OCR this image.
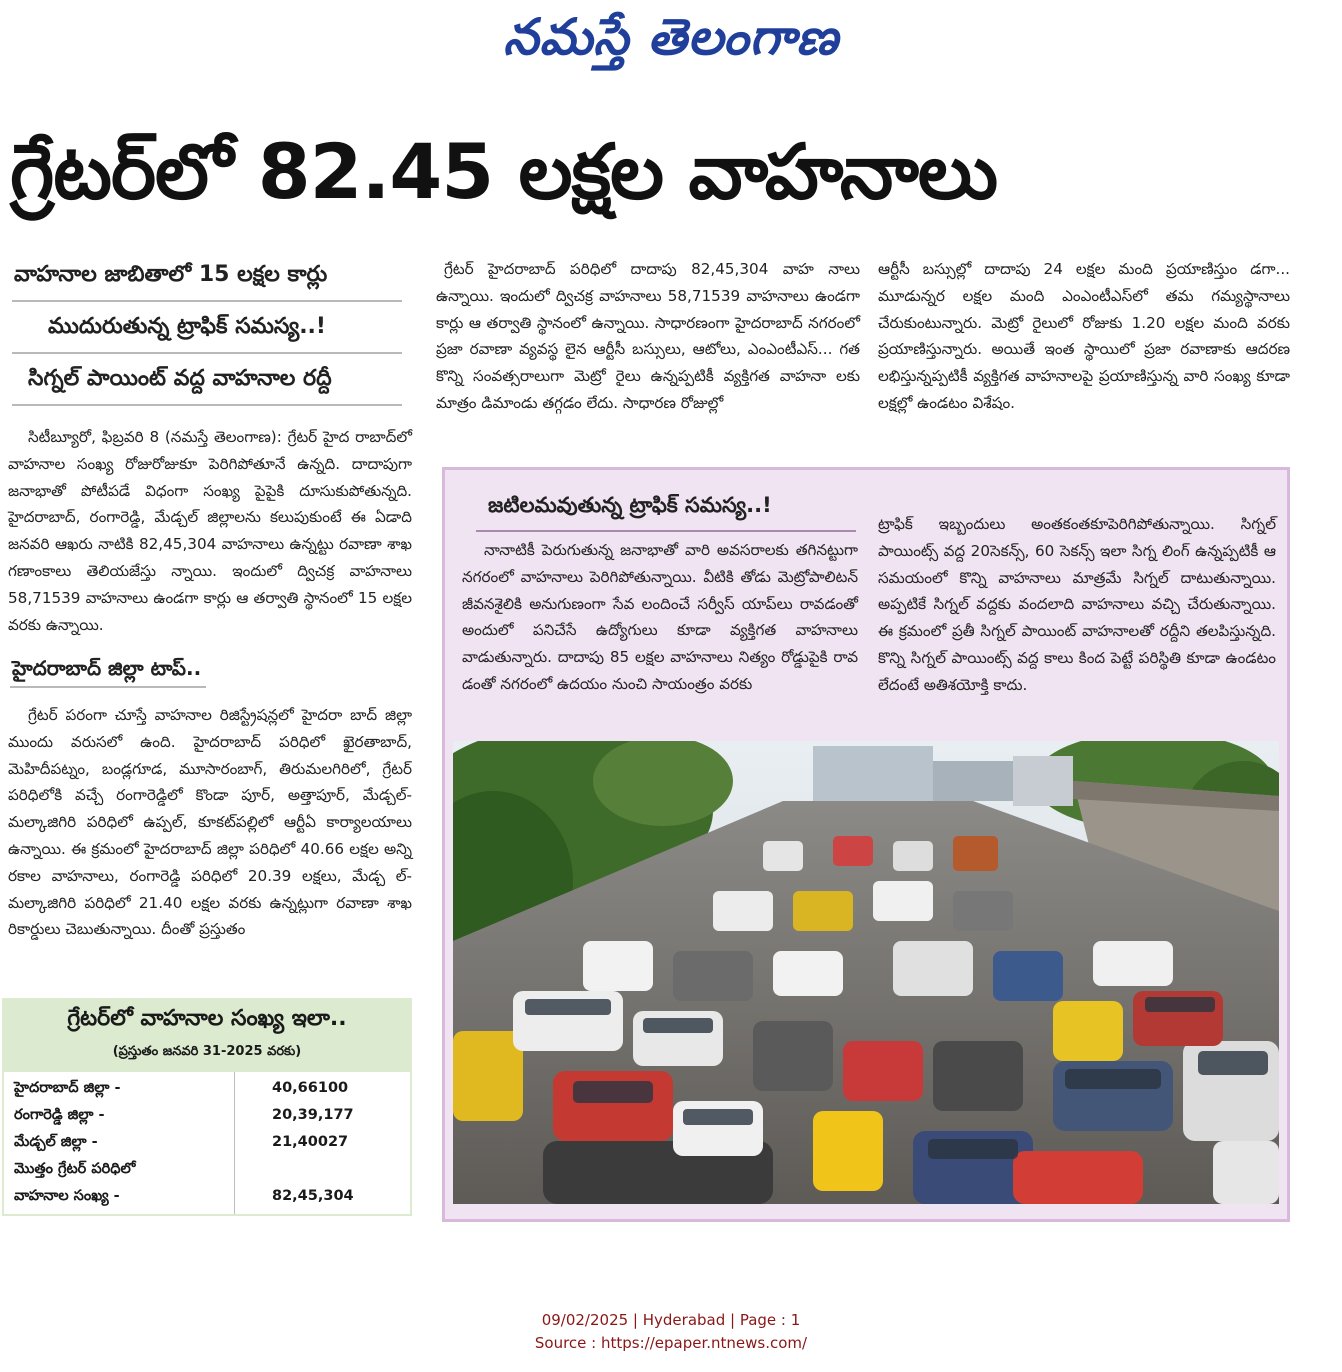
నమస్తే తెలంగాణ
గ్రేటర్‌లో 82.45 లక్షల వాహనాలు
వాహనాల జాబితాలో 15 లక్షల కార్లు
ముదురుతున్న ట్రాఫిక్ సమస్య..!
సిగ్నల్ పాయింట్ వద్ద వాహనాల రద్దీ
సిటీబ్యూరో, ఫిబ్రవరి 8 (నమస్తే తెలంగాణ): గ్రేటర్ హైద రాబాద్‌లో వాహనాల సంఖ్య రోజురోజుకూ పెరిగిపోతూనే ఉన్నది. దాదాపుగా జనాభాతో పోటీపడే విధంగా సంఖ్య పైపైకి దూసుకుపోతున్నది. హైదరాబాద్, రంగారెడ్డి, మేడ్చల్ జిల్లాలను కలుపుకుంటే ఈ ఏడాది జనవరి ఆఖరు నాటికి 82,45,304 వాహనాలు ఉన్నట్టు రవాణా శాఖ గణాంకాలు తెలియజేస్తు న్నాయి. ఇందులో ద్విచక్ర వాహనాలు 58,71539 వాహనాలు ఉండగా కార్లు ఆ తర్వాతి స్థానంలో 15 లక్షల వరకు ఉన్నాయి.
హైదరాబాద్ జిల్లా టాప్..
గ్రేటర్ పరంగా చూస్తే వాహనాల రిజిస్ట్రేషన్లలో హైదరా బాద్ జిల్లా ముందు వరుసలో ఉంది. హైదరాబాద్ పరిధిలో ఖైరతాబాద్, మెహిదీపట్నం, బండ్లగూడ, మూసారంబాగ్, తిరుమలగిరిలో, గ్రేటర్ పరిధిలోకి వచ్చే రంగారెడ్డిలో కొండా పూర్, అత్తాపూర్, మేడ్చల్-మల్కాజిగిరి పరిధిలో ఉప్పల్, కూకట్‌పల్లిలో ఆర్టీఏ కార్యాలయాలు ఉన్నాయి. ఈ క్రమంలో హైదరాబాద్ జిల్లా పరిధిలో 40.66 లక్షల అన్ని రకాల వాహనాలు, రంగారెడ్డి పరిధిలో 20.39 లక్షలు, మేడ్చ ల్-మల్కాజిగిరి పరిధిలో 21.40 లక్షల వరకు ఉన్నట్లుగా రవాణా శాఖ రికార్డులు చెబుతున్నాయి. దీంతో ప్రస్తుతం
గ్రేటర్ హైదరాబాద్ పరిధిలో దాదాపు 82,45,304 వాహ నాలు ఉన్నాయి. ఇందులో ద్విచక్ర వాహనాలు 58,71539 వాహనాలు ఉండగా కార్లు ఆ తర్వాతి స్థానంలో ఉన్నాయి. సాధారణంగా హైదరాబాద్ నగరంలో ప్రజా రవాణా వ్యవస్థ లైన ఆర్టీసీ బస్సులు, ఆటోలు, ఎంఎంటీఎస్... గత కొన్ని సంవత్సరాలుగా మెట్రో రైలు ఉన్నప్పటికీ వ్యక్తిగత వాహనా లకు మాత్రం డిమాండు తగ్గడం లేదు. సాధారణ రోజుల్లో
ఆర్టీసీ బస్సుల్లో దాదాపు 24 లక్షల మంది ప్రయాణిస్తుం డగా... మూడున్నర లక్షల మంది ఎంఎంటీఎస్‌లో తమ గమ్యస్థానాలు చేరుకుంటున్నారు. మెట్రో రైలులో రోజుకు 1.20 లక్షల మంది వరకు ప్రయాణిస్తున్నారు. అయితే ఇంత స్థాయిలో ప్రజా రవాణాకు ఆదరణ లభిస్తున్నప్పటికీ వ్యక్తిగత వాహనాలపై ప్రయాణిస్తున్న వారి సంఖ్య కూడా లక్షల్లో ఉండటం విశేషం.
గ్రేటర్‌లో వాహనాల సంఖ్య ఇలా..
(ప్రస్తుతం జనవరి 31-2025 వరకు)
హైదరాబాద్ జిల్లా -	40,66100
రంగారెడ్డి జిల్లా -	20,39,177
మేడ్చల్ జిల్లా -	21,40027
మొత్తం గ్రేటర్ పరిధిలో
వాహనాల సంఖ్య -	82,45,304
జటిలమవుతున్న ట్రాఫిక్ సమస్య..!
నానాటికీ పెరుగుతున్న జనాభాతో వారి అవసరాలకు తగినట్టుగా నగరంలో వాహనాలు పెరిగిపోతున్నాయి. వీటికి తోడు మెట్రోపాలిటన్ జీవనశైలికి అనుగుణంగా సేవ లందించే సర్వీస్ యాప్‌లు రావడంతో అందులో పనిచేసే ఉద్యోగులు కూడా వ్యక్తిగత వాహనాలు వాడుతున్నారు. దాదాపు 85 లక్షల వాహనాలు నిత్యం రోడ్డుపైకి రావ డంతో నగరంలో ఉదయం నుంచి సాయంత్రం వరకు
ట్రాఫిక్ ఇబ్బందులు అంతకంతకూపెరిగిపోతున్నాయి. సిగ్నల్ పాయింట్స్ వద్ద 20సెకన్స్, 60 సెకన్స్ ఇలా సిగ్న లింగ్ ఉన్నప్పటికీ ఆ సమయంలో కొన్ని వాహనాలు మాత్రమే సిగ్నల్ దాటుతున్నాయి. అప్పటికే సిగ్నల్ వద్దకు వందలాది వాహనాలు వచ్చి చేరుతున్నాయి. ఈ క్రమంలో ప్రతీ సిగ్నల్ పాయింట్ వాహనాలతో రద్దీని తలపిస్తున్నది. కొన్ని సిగ్నల్ పాయింట్స్ వద్ద కాలు కింద పెట్టే పరిస్థితి కూడా ఉండటం లేదంటే అతిశయోక్తి కాదు.
09/02/2025 | Hyderabad | Page : 1
Source : https://epaper.ntnews.com/
